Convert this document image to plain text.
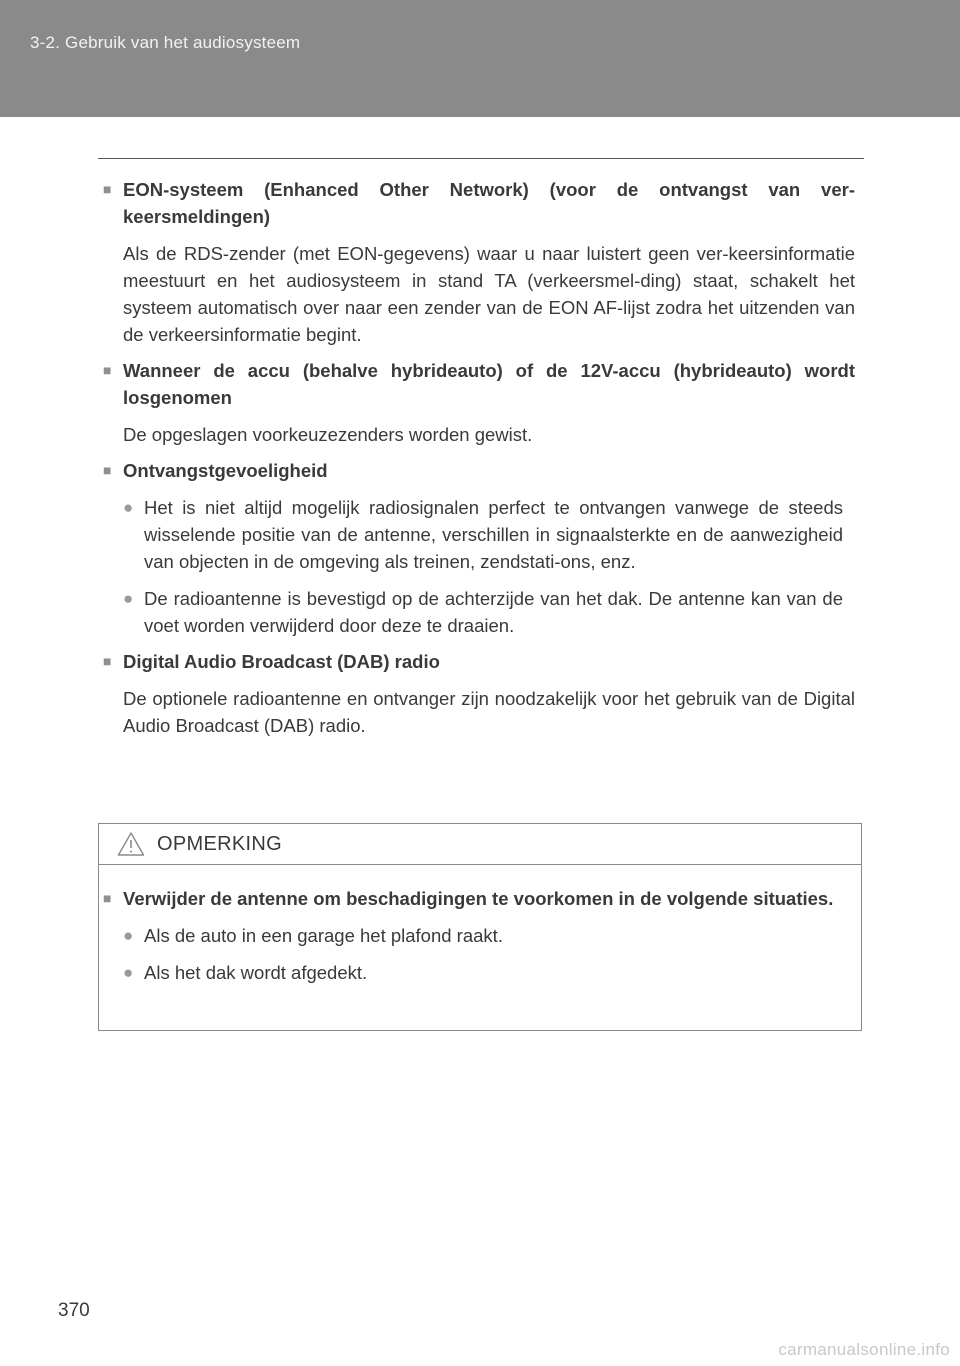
3-2. Gebruik van het audiosysteem
■ EON-systeem (Enhanced Other Network) (voor de ontvangst van ver-keersmeldingen)
Als de RDS-zender (met EON-gegevens) waar u naar luistert geen ver-keersinformatie meestuurt en het audiosysteem in stand TA (verkeersmel-ding) staat, schakelt het systeem automatisch over naar een zender van de EON AF-lijst zodra het uitzenden van de verkeersinformatie begint.
■ Wanneer de accu (behalve hybrideauto) of de 12V-accu (hybrideauto) wordt losgenomen
De opgeslagen voorkeuzezenders worden gewist.
■ Ontvangstgevoeligheid
● Het is niet altijd mogelijk radiosignalen perfect te ontvangen vanwege de steeds wisselende positie van de antenne, verschillen in signaalsterkte en de aanwezigheid van objecten in de omgeving als treinen, zendstati-ons, enz.
● De radioantenne is bevestigd op de achterzijde van het dak. De antenne kan van de voet worden verwijderd door deze te draaien.
■ Digital Audio Broadcast (DAB) radio
De optionele radioantenne en ontvanger zijn noodzakelijk voor het gebruik van de Digital Audio Broadcast (DAB) radio.
OPMERKING
■ Verwijder de antenne om beschadigingen te voorkomen in de volgende situaties.
● Als de auto in een garage het plafond raakt.
● Als het dak wordt afgedekt.
370
carmanualsonline.info
